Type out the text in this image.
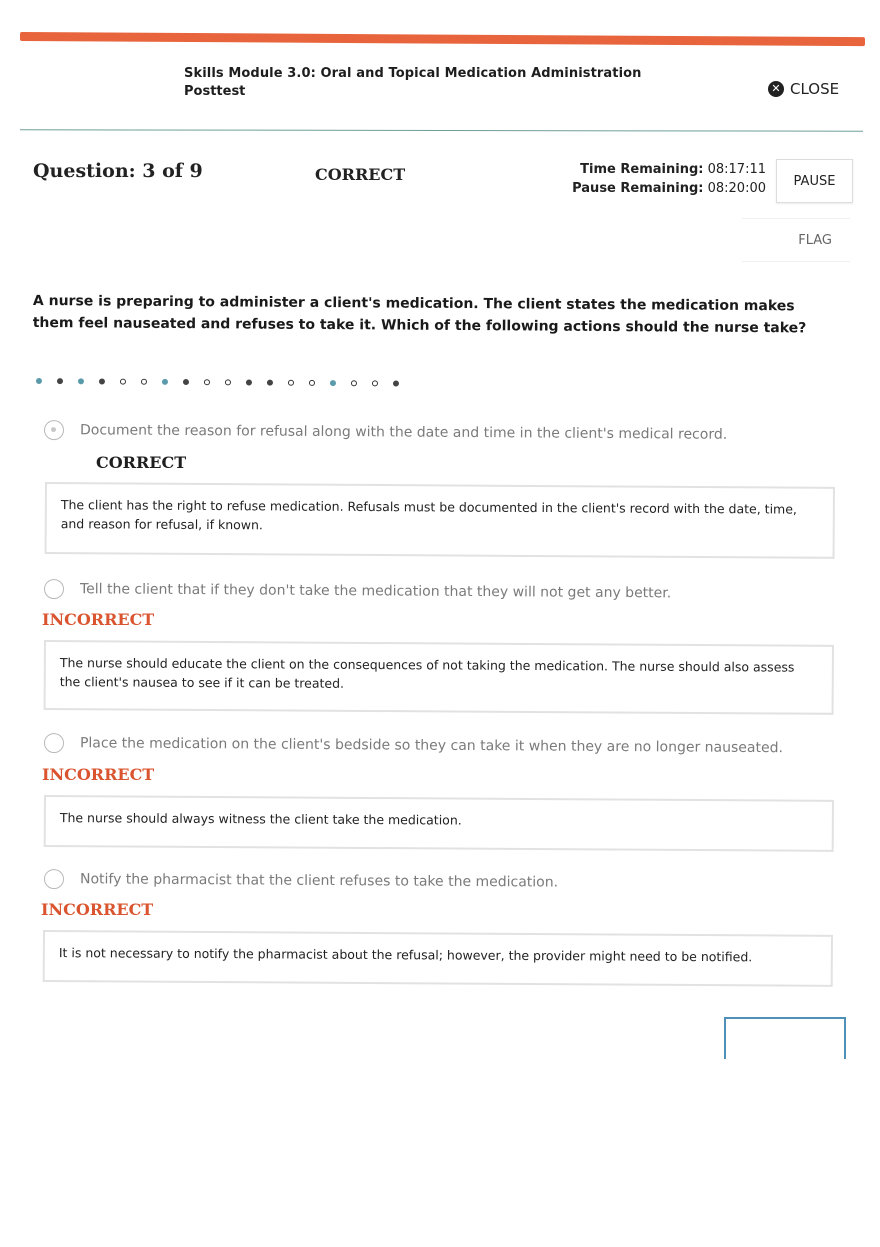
Skills Module 3.0: Oral and Topical Medication Administration
Posttest	✕ CLOSE
Question: 3 of 9	CORRECT	Time Remaining: 08:17:11
Pause Remaining: 08:20:00	PAUSE
FLAG
A nurse is preparing to administer a client's medication. The client states the medication makes them feel nauseated and refuses to take it. Which of the following actions should the nurse take?
Document the reason for refusal along with the date and time in the client's medical record.
CORRECT
The client has the right to refuse medication. Refusals must be documented in the client's record with the date, time, and reason for refusal, if known.
Tell the client that if they don't take the medication that they will not get any better.
INCORRECT
The nurse should educate the client on the consequences of not taking the medication. The nurse should also assess the client's nausea to see if it can be treated.
Place the medication on the client's bedside so they can take it when they are no longer nauseated.
INCORRECT
The nurse should always witness the client take the medication.
Notify the pharmacist that the client refuses to take the medication.
INCORRECT
It is not necessary to notify the pharmacist about the refusal; however, the provider might need to be notified.
